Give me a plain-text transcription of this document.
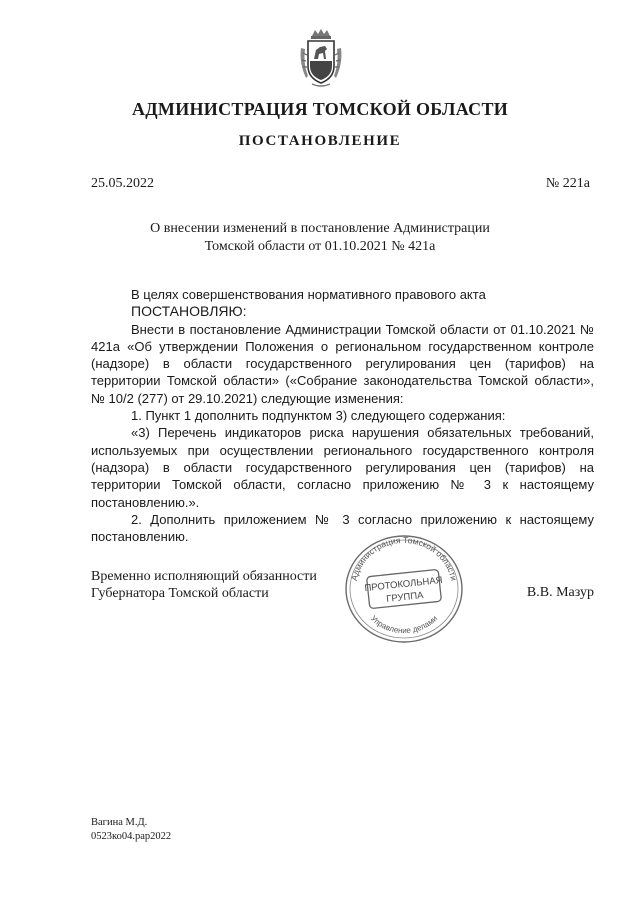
АДМИНИСТРАЦИЯ ТОМСКОЙ ОБЛАСТИ
ПОСТАНОВЛЕНИЕ
25.05.2022	№ 221а
О внесении изменений в постановление Администрации
Томской области от 01.10.2021 № 421а

В целях совершенствования нормативного правового акта

ПОСТАНОВЛЯЮ:

Внести в постановление Администрации Томской области от 01.10.2021 № 421а «Об утверждении Положения о региональном государственном контроле (надзоре) в области государственного регулирования цен (тарифов) на территории Томской области» («Собрание законодательства Томской области», № 10/2 (277) от 29.10.2021) следующие изменения:

1. Пункт 1 дополнить подпунктом 3) следующего содержания:

«3) Перечень индикаторов риска нарушения обязательных требований, используемых при осуществлении регионального государственного контроля (надзора) в области государственного регулирования цен (тарифов) на территории Томской области, согласно приложению № 3 к настоящему постановлению.».

2. Дополнить приложением № 3 согласно приложению к настоящему постановлению.

Временно исполняющий обязанности
Губернатора Томской области	В.В. Мазур
Администрация Томской области
ПРОТОКОЛЬНАЯ
ГРУППА
Управление делами
Вагина М.Д.
0523ко04.рар2022
